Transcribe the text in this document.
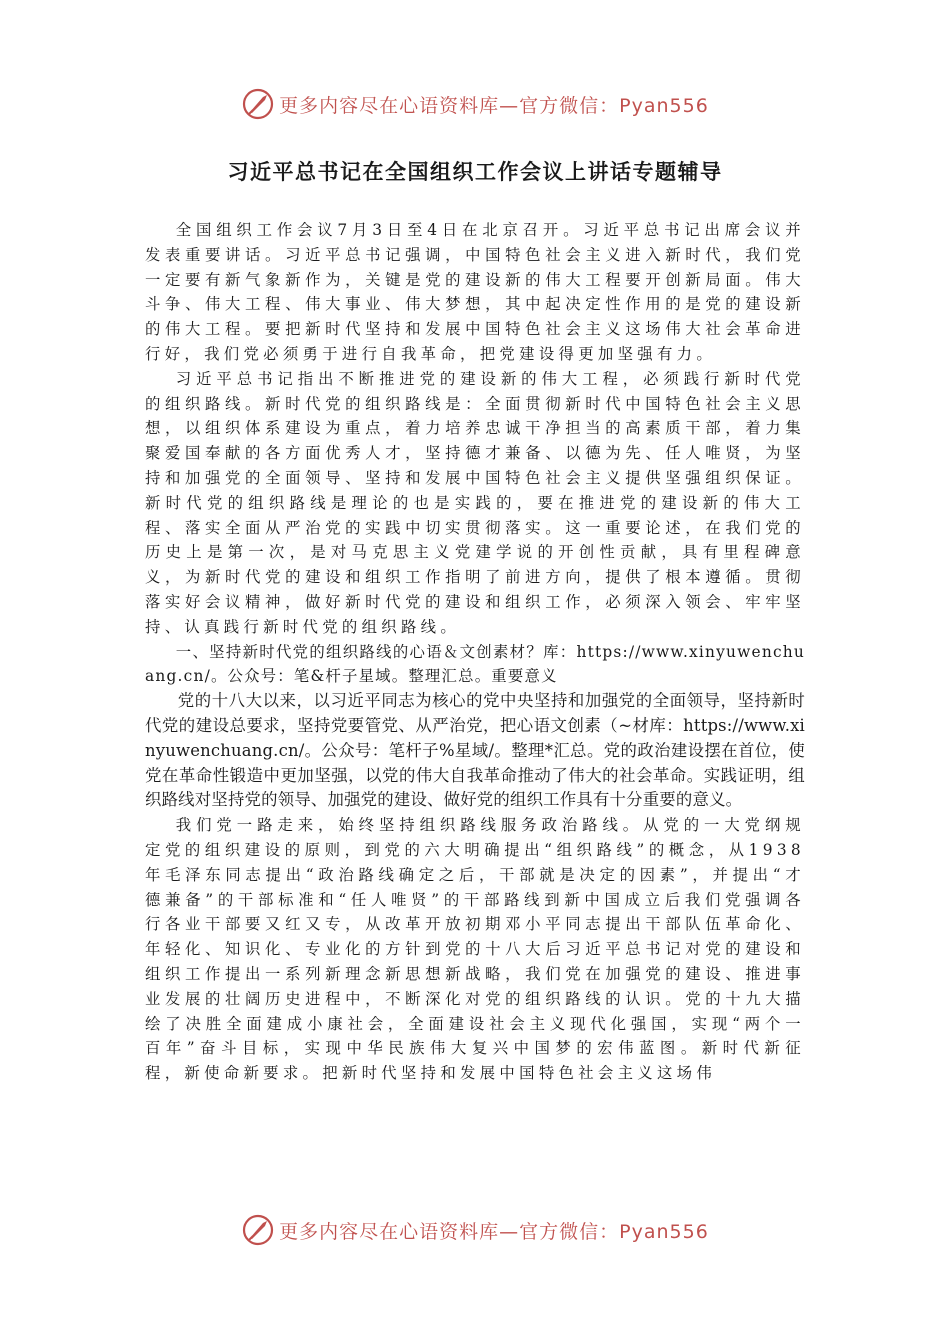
更多内容尽在心语资料库—官方微信：Pyan556
习近平总书记在全国组织工作会议上讲话专题辅导

全国组织工作会议7月3日至4日在北京召开。习近平总书记出席会议并发表重要讲话。习近平总书记强调，中国特色社会主义进入新时代，我们党一定要有新气象新作为，关键是党的建设新的伟大工程要开创新局面。伟大斗争、伟大工程、伟大事业、伟大梦想，其中起决定性作用的是党的建设新的伟大工程。要把新时代坚持和发展中国特色社会主义这场伟大社会革命进行好，我们党必须勇于进行自我革命，把党建设得更加坚强有力。

习近平总书记指出不断推进党的建设新的伟大工程，必须践行新时代党的组织路线。新时代党的组织路线是：全面贯彻新时代中国特色社会主义思想，以组织体系建设为重点，着力培养忠诚干净担当的高素质干部，着力集聚爱国奉献的各方面优秀人才，坚持德才兼备、以德为先、任人唯贤，为坚持和加强党的全面领导、坚持和发展中国特色社会主义提供坚强组织保证。新时代党的组织路线是理论的也是实践的，要在推进党的建设新的伟大工程、落实全面从严治党的实践中切实贯彻落实。这一重要论述，在我们党的历史上是第一次，是对马克思主义党建学说的开创性贡献，具有里程碑意义，为新时代党的建设和组织工作指明了前进方向，提供了根本遵循。贯彻落实好会议精神，做好新时代党的建设和组织工作，必须深入领会、牢牢坚持、认真践行新时代党的组织路线。

一、坚持新时代党的组织路线的心语＆文创素材？库：https://www.xinyuwenchuang.cn/。公众号：笔&杆子星域。整理汇总。重要意义

党的十八大以来，以习近平同志为核心的党中央坚持和加强党的全面领导，坚持新时代党的建设总要求，坚持党要管党、从严治党，把心语文创素（~材库：https://www.xinyuwenchuang.cn/。公众号：笔杆子%星域/。整理*汇总。党的政治建设摆在首位，使党在革命性锻造中更加坚强，以党的伟大自我革命推动了伟大的社会革命。实践证明，组织路线对坚持党的领导、加强党的建设、做好党的组织工作具有十分重要的意义。

我们党一路走来，始终坚持组织路线服务政治路线。从党的一大党纲规定党的组织建设的原则，到党的六大明确提出“组织路线”的概念，从1938年毛泽东同志提出“政治路线确定之后，干部就是决定的因素”，并提出“才德兼备”的干部标准和“任人唯贤”的干部路线到新中国成立后我们党强调各行各业干部要又红又专，从改革开放初期邓小平同志提出干部队伍革命化、年轻化、知识化、专业化的方针到党的十八大后习近平总书记对党的建设和组织工作提出一系列新理念新思想新战略，我们党在加强党的建设、推进事业发展的壮阔历史进程中，不断深化对党的组织路线的认识。党的十九大描绘了决胜全面建成小康社会，全面建设社会主义现代化强国，实现“两个一百年”奋斗目标，实现中华民族伟大复兴中国梦的宏伟蓝图。新时代新征程，新使命新要求。把新时代坚持和发展中国特色社会主义这场伟

更多内容尽在心语资料库—官方微信：Pyan556
